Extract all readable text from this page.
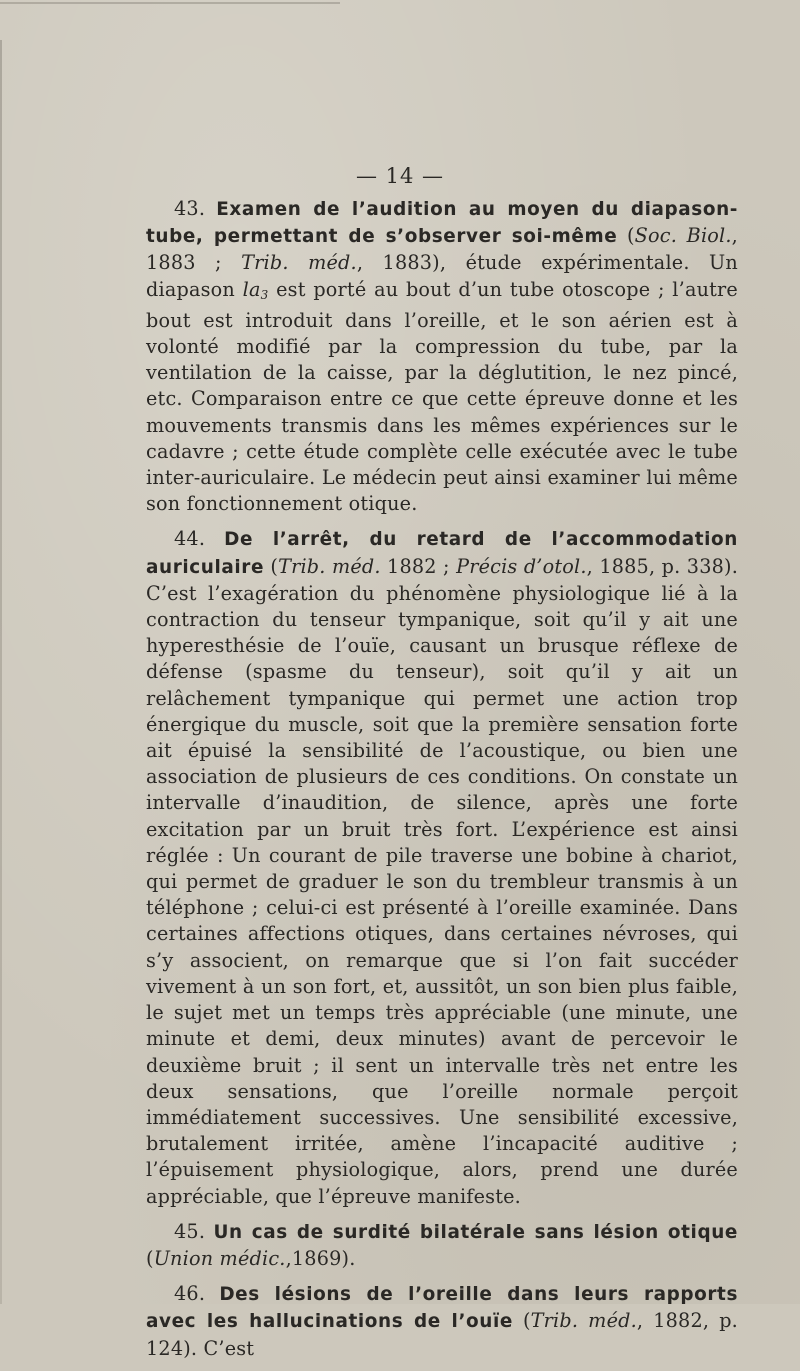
— 14 —

43. Examen de l’audition au moyen du diapason-tube, permettant de s’observer soi-même (Soc. Biol., 1883 ; Trib. méd., 1883), étude expérimentale. Un diapason $la_3$ est porté au bout d’un tube otoscope ; l’autre bout est introduit dans l’oreille, et le son aérien est à volonté modifié par la compression du tube, par la ventilation de la caisse, par la déglutition, le nez pincé, etc. Comparaison entre ce que cette épreuve donne et les mouvements transmis dans les mêmes expériences sur le cadavre ; cette étude complète celle exécutée avec le tube inter-auriculaire. Le médecin peut ainsi examiner lui même son fonctionnement otique.

44. De l’arrêt, du retard de l’accommodation auriculaire (Trib. méd. 1882 ; Précis d’otol., 1885, p. 338). C’est l’exagération du phénomène physiologique lié à la contraction du tenseur tympanique, soit qu’il y ait une hyperesthésie de l’ouïe, causant un brusque réflexe de défense (spasme du tenseur), soit qu’il y ait un relâchement tympanique qui permet une action trop énergique du muscle, soit que la première sensation forte ait épuisé la sensibilité de l’acoustique, ou bien une association de plusieurs de ces conditions. On constate un intervalle d’inaudition, de silence, après une forte excitation par un bruit très fort. L’expérience est ainsi réglée : Un courant de pile traverse une bobine à chariot, qui permet de graduer le son du trembleur transmis à un téléphone ; celui-ci est présenté à l’oreille examinée. Dans certaines affections otiques, dans certaines névroses, qui s’y associent, on remarque que si l’on fait succéder vivement à un son fort, et, aussitôt, un son bien plus faible, le sujet met un temps très appréciable (une minute, une minute et demi, deux minutes) avant de percevoir le deuxième bruit ; il sent un intervalle très net entre les deux sensations, que l’oreille normale perçoit immédiatement successives. Une sensibilité excessive, brutalement irritée, amène l’incapacité auditive ; l’épuisement physiologique, alors, prend une durée appréciable, que l’épreuve manifeste.

45. Un cas de surdité bilatérale sans lésion otique (Union médic.,1869).

46. Des lésions de l’oreille dans leurs rapports avec les hallucinations de l’ouïe (Trib. méd., 1882, p. 124). C’est
